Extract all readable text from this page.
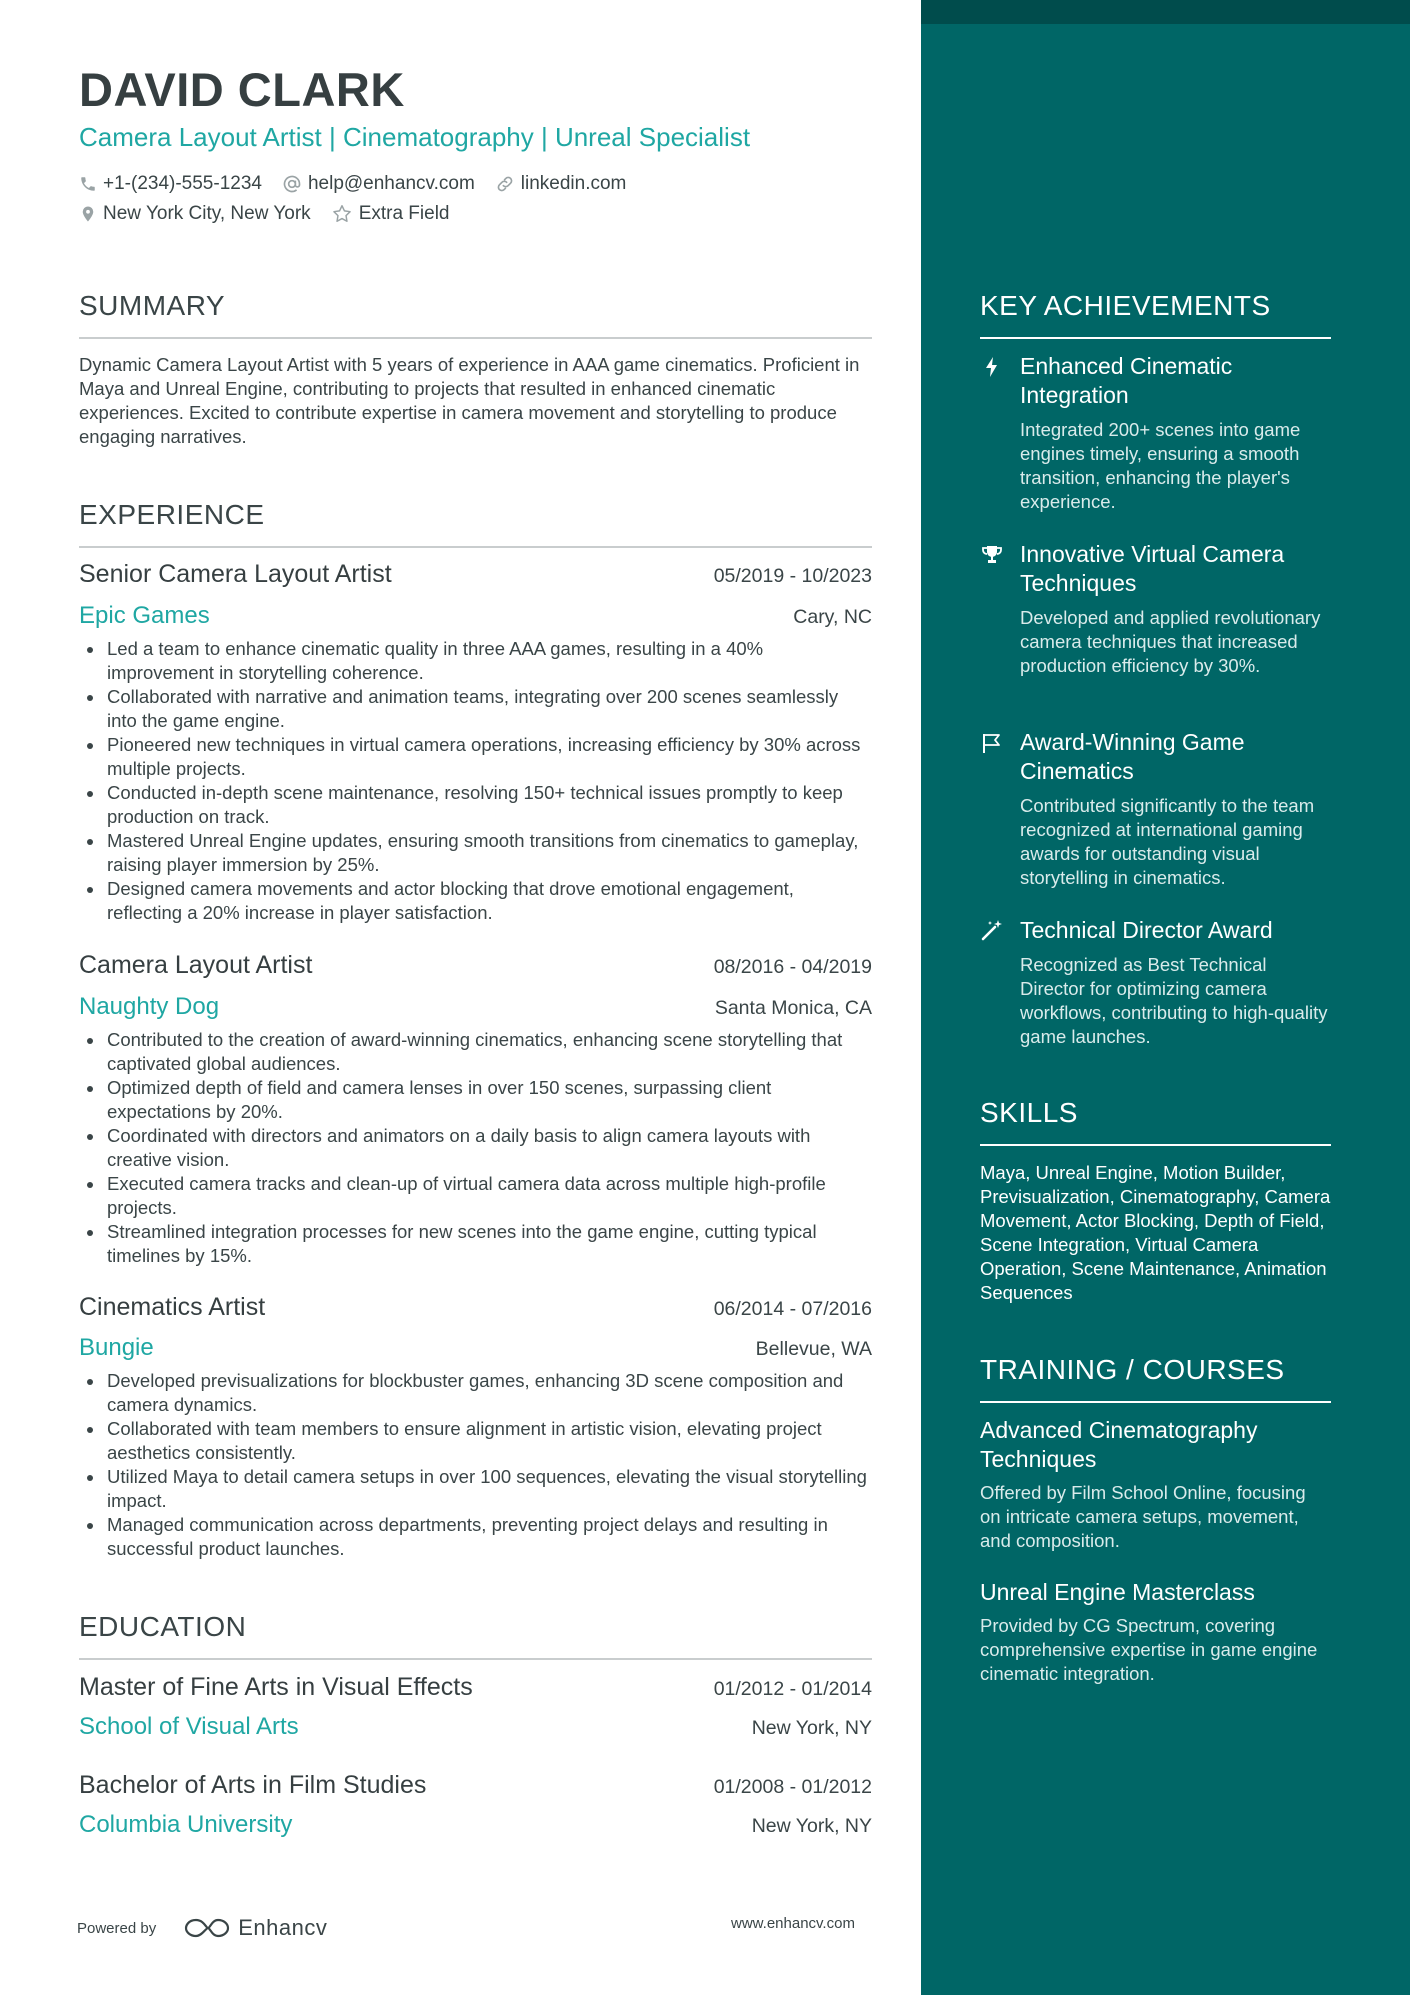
DAVID CLARK
Camera Layout Artist | Cinematography | Unreal Specialist
+1-(234)-555-1234 help@enhancv.com linkedin.com
New York City, New York	Extra Field
SUMMARY

Dynamic Camera Layout Artist with 5 years of experience in AAA game cinematics. Proficient in Maya and Unreal Engine, contributing to projects that resulted in enhanced cinematic experiences. Excited to contribute expertise in camera movement and storytelling to produce engaging narratives.

EXPERIENCE
Senior Camera Layout Artist	05/2019 - 10/2023
Epic Games	Cary, NC
Led a team to enhance cinematic quality in three AAA games, resulting in a 40% improvement in storytelling coherence.
Collaborated with narrative and animation teams, integrating over 200 scenes seamlessly into the game engine.
Pioneered new techniques in virtual camera operations, increasing efficiency by 30% across multiple projects.
Conducted in-depth scene maintenance, resolving 150+ technical issues promptly to keep production on track.
Mastered Unreal Engine updates, ensuring smooth transitions from cinematics to gameplay, raising player immersion by 25%.
Designed camera movements and actor blocking that drove emotional engagement, reflecting a 20% increase in player satisfaction.
Camera Layout Artist	08/2016 - 04/2019
Naughty Dog	Santa Monica, CA
Contributed to the creation of award-winning cinematics, enhancing scene storytelling that captivated global audiences.
Optimized depth of field and camera lenses in over 150 scenes, surpassing client expectations by 20%.
Coordinated with directors and animators on a daily basis to align camera layouts with creative vision.
Executed camera tracks and clean-up of virtual camera data across multiple high-profile projects.
Streamlined integration processes for new scenes into the game engine, cutting typical timelines by 15%.
Cinematics Artist	06/2014 - 07/2016
Bungie	Bellevue, WA
Developed previsualizations for blockbuster games, enhancing 3D scene composition and camera dynamics.
Collaborated with team members to ensure alignment in artistic vision, elevating project aesthetics consistently.
Utilized Maya to detail camera setups in over 100 sequences, elevating the visual storytelling impact.
Managed communication across departments, preventing project delays and resulting in successful product launches.
EDUCATION
Master of Fine Arts in Visual Effects	01/2012 - 01/2014
School of Visual Arts	New York, NY
Bachelor of Arts in Film Studies	01/2008 - 01/2012
Columbia University	New York, NY
Powered by	Enhancv	www.enhancv.com
KEY ACHIEVEMENTS

Enhanced Cinematic Integration

Integrated 200+ scenes into game engines timely, ensuring a smooth transition, enhancing the player's experience.

Innovative Virtual Camera Techniques

Developed and applied revolutionary camera techniques that increased production efficiency by 30%.

Award-Winning Game Cinematics

Contributed significantly to the team recognized at international gaming awards for outstanding visual storytelling in cinematics.

Technical Director Award

Recognized as Best Technical Director for optimizing camera workflows, contributing to high-quality game launches.

SKILLS

Maya, Unreal Engine, Motion Builder, Previsualization, Cinematography, Camera Movement, Actor Blocking, Depth of Field, Scene Integration, Virtual Camera Operation, Scene Maintenance, Animation Sequences

TRAINING / COURSES

Advanced Cinematography Techniques

Offered by Film School Online, focusing on intricate camera setups, movement, and composition.

Unreal Engine Masterclass

Provided by CG Spectrum, covering comprehensive expertise in game engine cinematic integration.
